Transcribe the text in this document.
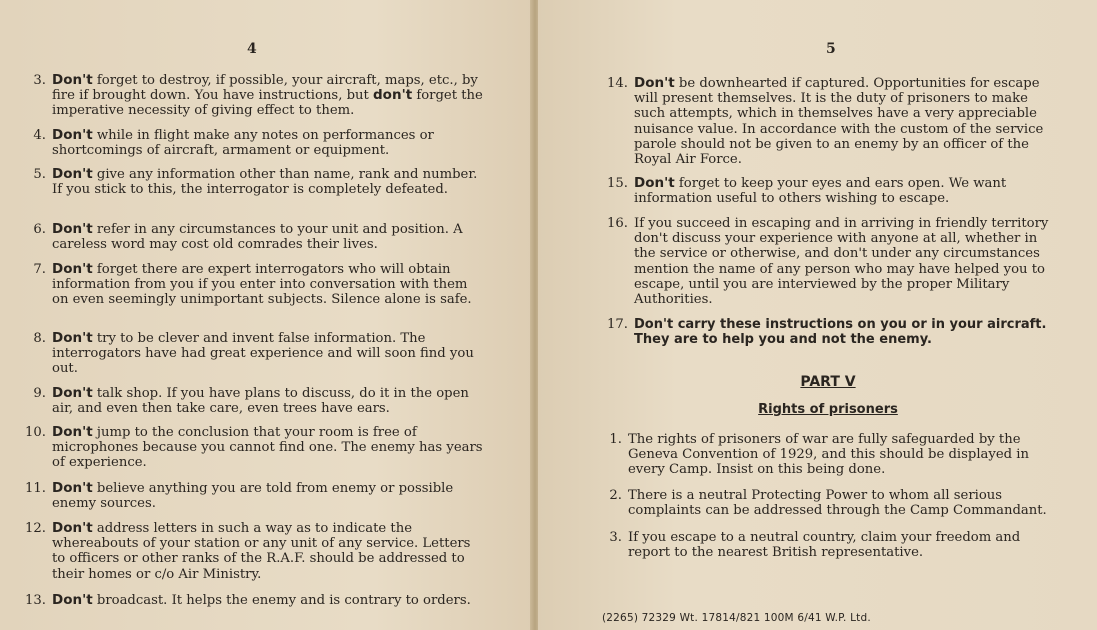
4
3. Don't forget to destroy, if possible, your aircraft, maps, etc., by fire if brought down. You have instructions, but don't forget the imperative necessity of giving effect to them.
4. Don't while in flight make any notes on performances or shortcomings of aircraft, armament or equipment.
5. Don't give any information other than name, rank and number. If you stick to this, the interrogator is completely defeated.
6. Don't refer in any circumstances to your unit and position. A careless word may cost old comrades their lives.
7. Don't forget there are expert interrogators who will obtain information from you if you enter into conversation with them on even seemingly unimportant subjects. Silence alone is safe.
8. Don't try to be clever and invent false information. The interrogators have had great experience and will soon find you out.
9. Don't talk shop. If you have plans to discuss, do it in the open air, and even then take care, even trees have ears.
10. Don't jump to the conclusion that your room is free of microphones because you cannot find one. The enemy has years of experience.
11. Don't believe anything you are told from enemy or possible enemy sources.
12. Don't address letters in such a way as to indicate the whereabouts of your station or any unit of any service. Letters to officers or other ranks of the R.A.F. should be addressed to their homes or c/o Air Ministry.
13. Don't broadcast. It helps the enemy and is contrary to orders.
5
14. Don't be downhearted if captured. Opportunities for escape will present themselves. It is the duty of prisoners to make such attempts, which in themselves have a very appreciable nuisance value. In accordance with the custom of the service parole should not be given to an enemy by an officer of the Royal Air Force.
15. Don't forget to keep your eyes and ears open. We want information useful to others wishing to escape.
16. If you succeed in escaping and in arriving in friendly territory don't discuss your experience with anyone at all, whether in the service or otherwise, and don't under any circumstances mention the name of any person who may have helped you to escape, until you are interviewed by the proper Military Authorities.
17. Don't carry these instructions on you or in your aircraft. They are to help you and not the enemy.
PART V
Rights of prisoners
1. The rights of prisoners of war are fully safeguarded by the Geneva Convention of 1929, and this should be displayed in every Camp. Insist on this being done.
2. There is a neutral Protecting Power to whom all serious complaints can be addressed through the Camp Commandant.
3. If you escape to a neutral country, claim your freedom and report to the nearest British representative.
(2265) 72329 Wt. 17814/821 100M 6/41 W.P. Ltd.
